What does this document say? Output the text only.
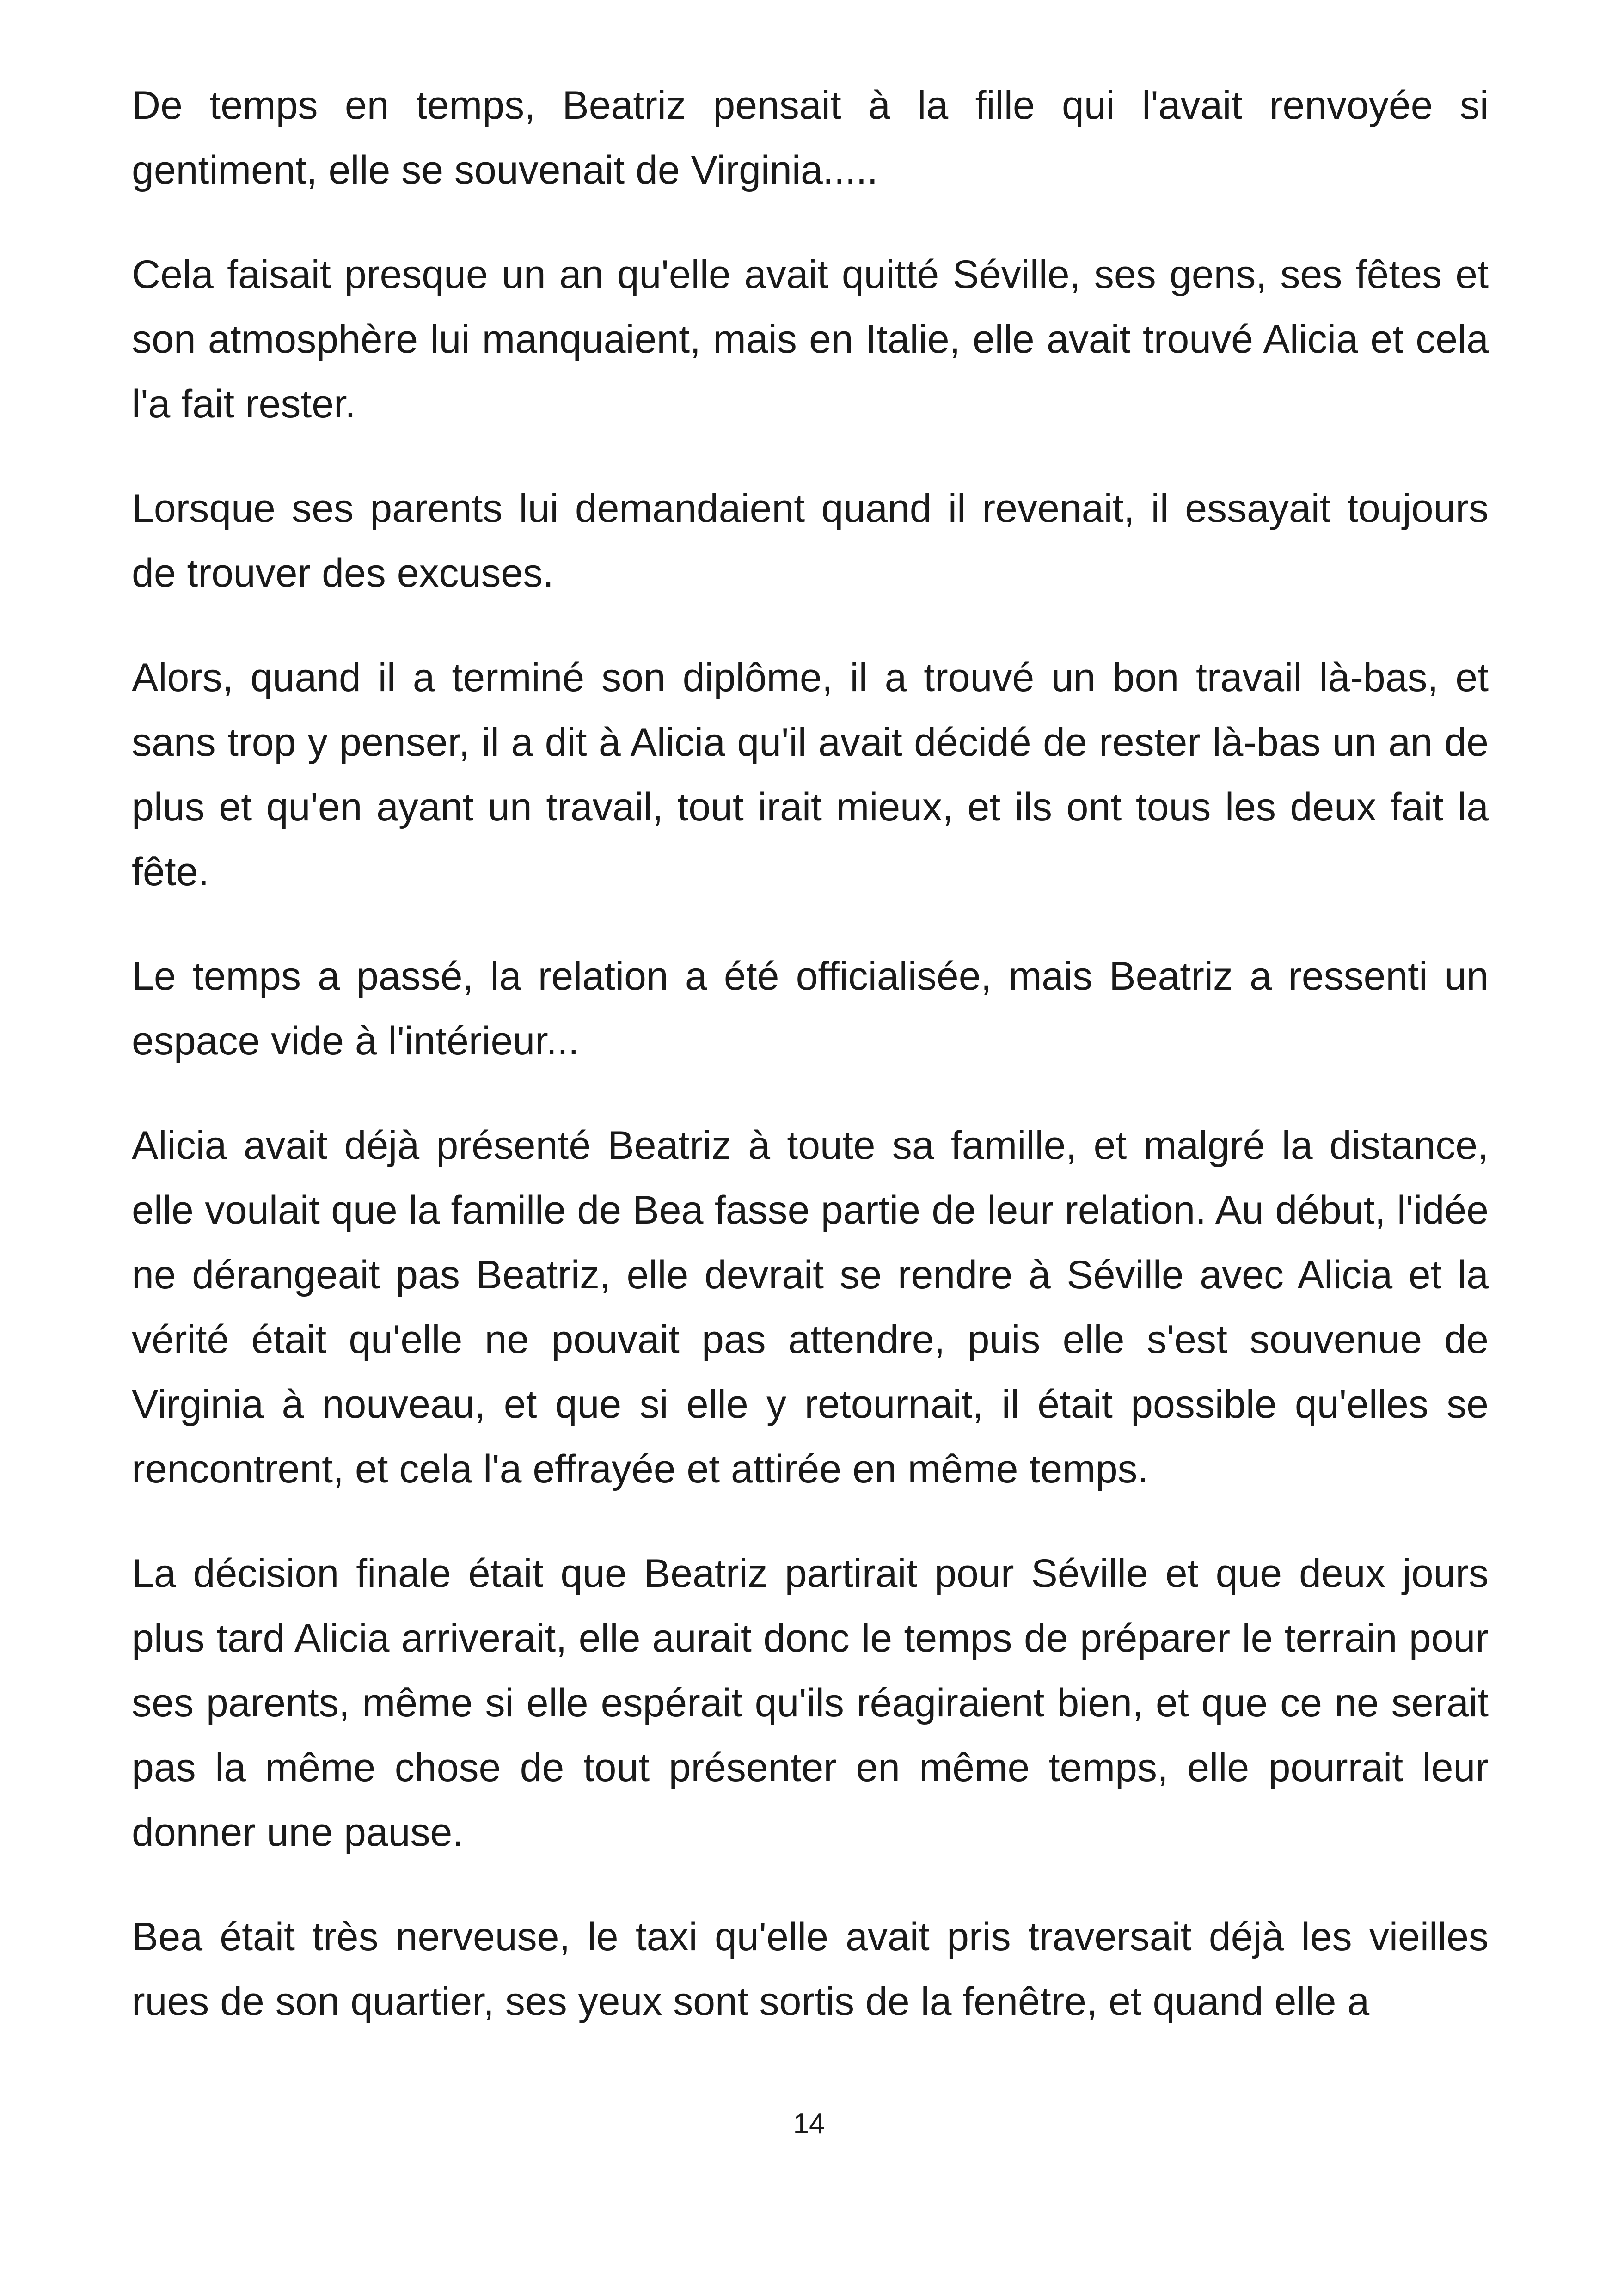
De temps en temps, Beatriz pensait à la fille qui l'avait renvoyée si gentiment, elle se souvenait de Virginia.....

Cela faisait presque un an qu'elle avait quitté Séville, ses gens, ses fêtes et son atmosphère lui manquaient, mais en Italie, elle avait trouvé Alicia et cela l'a fait rester.

Lorsque ses parents lui demandaient quand il revenait, il essayait toujours de trouver des excuses.

Alors, quand il a terminé son diplôme, il a trouvé un bon travail là-bas, et sans trop y penser, il a dit à Alicia qu'il avait décidé de rester là-bas un an de plus et qu'en ayant un travail, tout irait mieux, et ils ont tous les deux fait la fête.

Le temps a passé, la relation a été officialisée, mais Beatriz a ressenti un espace vide à l'intérieur...

Alicia avait déjà présenté Beatriz à toute sa famille, et malgré la distance, elle voulait que la famille de Bea fasse partie de leur relation. Au début, l'idée ne dérangeait pas Beatriz, elle devrait se rendre à Séville avec Alicia et la vérité était qu'elle ne pouvait pas attendre, puis elle s'est souvenue de Virginia à nouveau, et que si elle y retournait, il était possible qu'elles se rencontrent, et cela l'a effrayée et attirée en même temps.

La décision finale était que Beatriz partirait pour Séville et que deux jours plus tard Alicia arriverait, elle aurait donc le temps de préparer le terrain pour ses parents, même si elle espérait qu'ils réagiraient bien, et que ce ne serait pas la même chose de tout présenter en même temps, elle pourrait leur donner une pause.

Bea était très nerveuse, le taxi qu'elle avait pris traversait déjà les vieilles rues de son quartier, ses yeux sont sortis de la fenêtre, et quand elle a

14
